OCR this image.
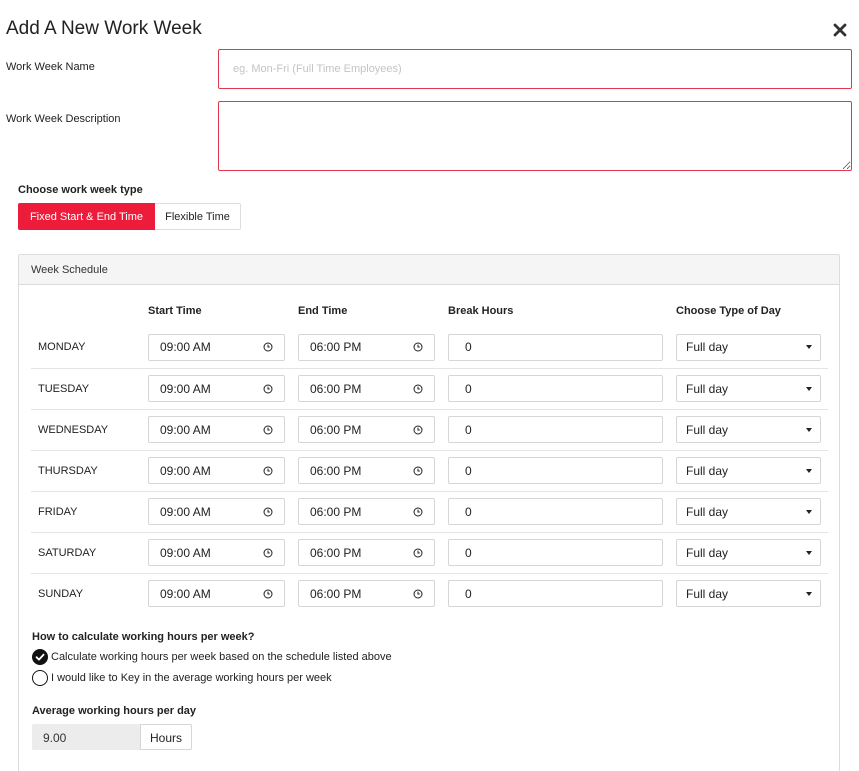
Add A New Work Week
Work Week Name
eg. Mon-Fri (Full Time Employees)
Work Week Description
Choose work week type
Fixed Start & End Time	Flexible Time
Week Schedule
	Start Time	End Time	Break Hours	Choose Type of Day
MONDAY	09:00 AM	06:00 PM	0	Full day

TUESDAY	09:00 AM	06:00 PM	0	Full day

WEDNESDAY	09:00 AM	06:00 PM	0	Full day

THURSDAY	09:00 AM	06:00 PM	0	Full day

FRIDAY	09:00 AM	06:00 PM	0	Full day

SATURDAY	09:00 AM	06:00 PM	0	Full day

SUNDAY	09:00 AM	06:00 PM	0	Full day
How to calculate working hours per week?
Calculate working hours per week based on the schedule listed above
I would like to Key in the average working hours per week
Average working hours per day
9.00	Hours
